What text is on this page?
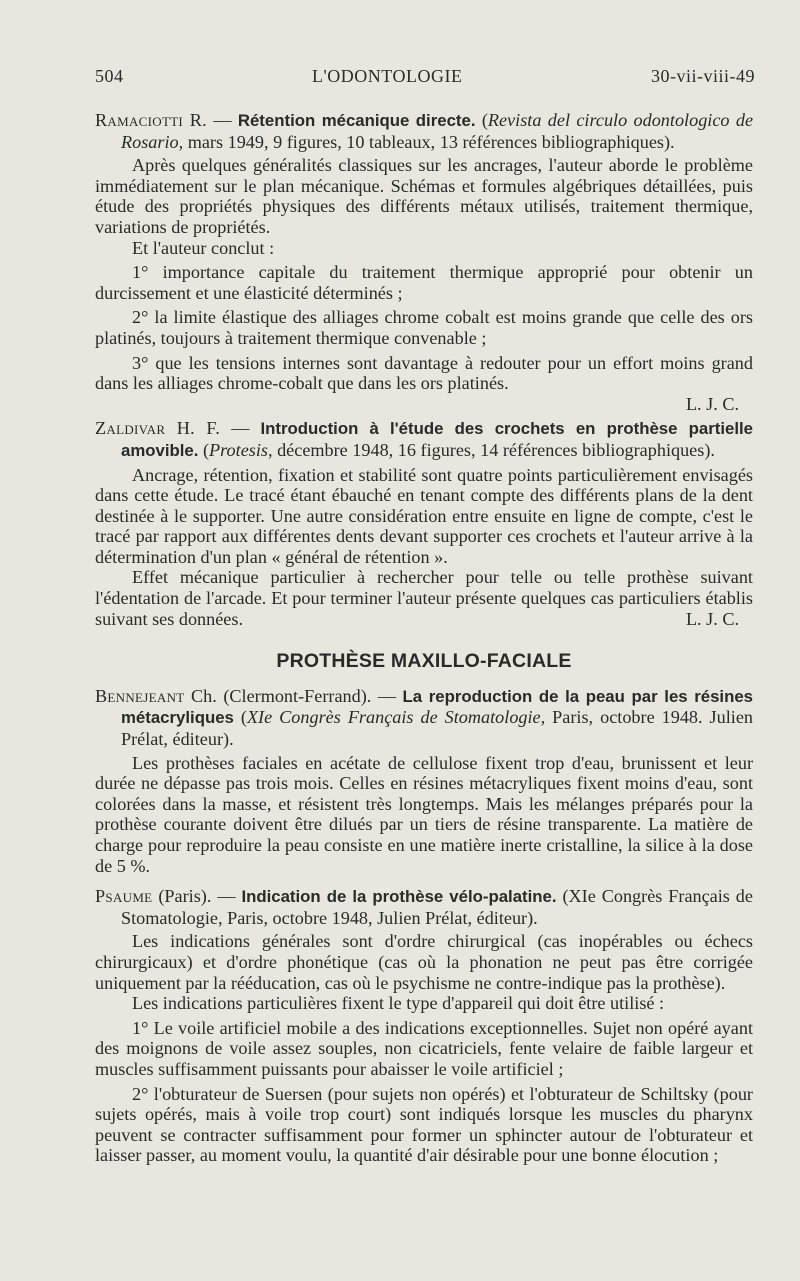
504	L'ODONTOLOGIE	30-vii-viii-49

Ramaciotti R. — Rétention mécanique directe. (Revista del circulo odontologico de Rosario, mars 1949, 9 figures, 10 tableaux, 13 références bibliographiques).

Après quelques généralités classiques sur les ancrages, l'auteur aborde le problème immédiatement sur le plan mécanique. Schémas et formules algébriques détaillées, puis étude des propriétés physiques des différents métaux utilisés, traitement thermique, variations de propriétés.

Et l'auteur conclut :

1° importance capitale du traitement thermique approprié pour obtenir un durcissement et une élasticité déterminés ;

2° la limite élastique des alliages chrome cobalt est moins grande que celle des ors platinés, toujours à traitement thermique convenable ;

3° que les tensions internes sont davantage à redouter pour un effort moins grand dans les alliages chrome-cobalt que dans les ors platinés.

L. J. C.

Zaldivar H. F. — Introduction à l'étude des crochets en prothèse partielle amovible. (Protesis, décembre 1948, 16 figures, 14 références bibliographiques).

Ancrage, rétention, fixation et stabilité sont quatre points particulièrement envisagés dans cette étude. Le tracé étant ébauché en tenant compte des différents plans de la dent destinée à le supporter. Une autre considération entre ensuite en ligne de compte, c'est le tracé par rapport aux différentes dents devant supporter ces crochets et l'auteur arrive à la détermination d'un plan « général de rétention ».

Effet mécanique particulier à rechercher pour telle ou telle prothèse suivant l'édentation de l'arcade. Et pour terminer l'auteur présente quelques cas particuliers établis suivant ses données.	L. J. C.

PROTHÈSE MAXILLO-FACIALE

Bennejeant Ch. (Clermont-Ferrand). — La reproduction de la peau par les résines métacryliques (XIe Congrès Français de Stomatologie, Paris, octobre 1948. Julien Prélat, éditeur).

Les prothèses faciales en acétate de cellulose fixent trop d'eau, brunissent et leur durée ne dépasse pas trois mois. Celles en résines métacryliques fixent moins d'eau, sont colorées dans la masse, et résistent très longtemps. Mais les mélanges préparés pour la prothèse courante doivent être dilués par un tiers de résine transparente. La matière de charge pour reproduire la peau consiste en une matière inerte cristalline, la silice à la dose de 5 %.

Psaume (Paris). — Indication de la prothèse vélo-palatine. (XIe Congrès Français de Stomatologie, Paris, octobre 1948, Julien Prélat, éditeur).

Les indications générales sont d'ordre chirurgical (cas inopérables ou échecs chirurgicaux) et d'ordre phonétique (cas où la phonation ne peut pas être corrigée uniquement par la rééducation, cas où le psychisme ne contre-indique pas la prothèse).

Les indications particulières fixent le type d'appareil qui doit être utilisé :

1° Le voile artificiel mobile a des indications exceptionnelles. Sujet non opéré ayant des moignons de voile assez souples, non cicatriciels, fente velaire de faible largeur et muscles suffisamment puissants pour abaisser le voile artificiel ;

2° l'obturateur de Suersen (pour sujets non opérés) et l'obturateur de Schiltsky (pour sujets opérés, mais à voile trop court) sont indiqués lorsque les muscles du pharynx peuvent se contracter suffisamment pour former un sphincter autour de l'obturateur et laisser passer, au moment voulu, la quantité d'air désirable pour une bonne élocution ;
